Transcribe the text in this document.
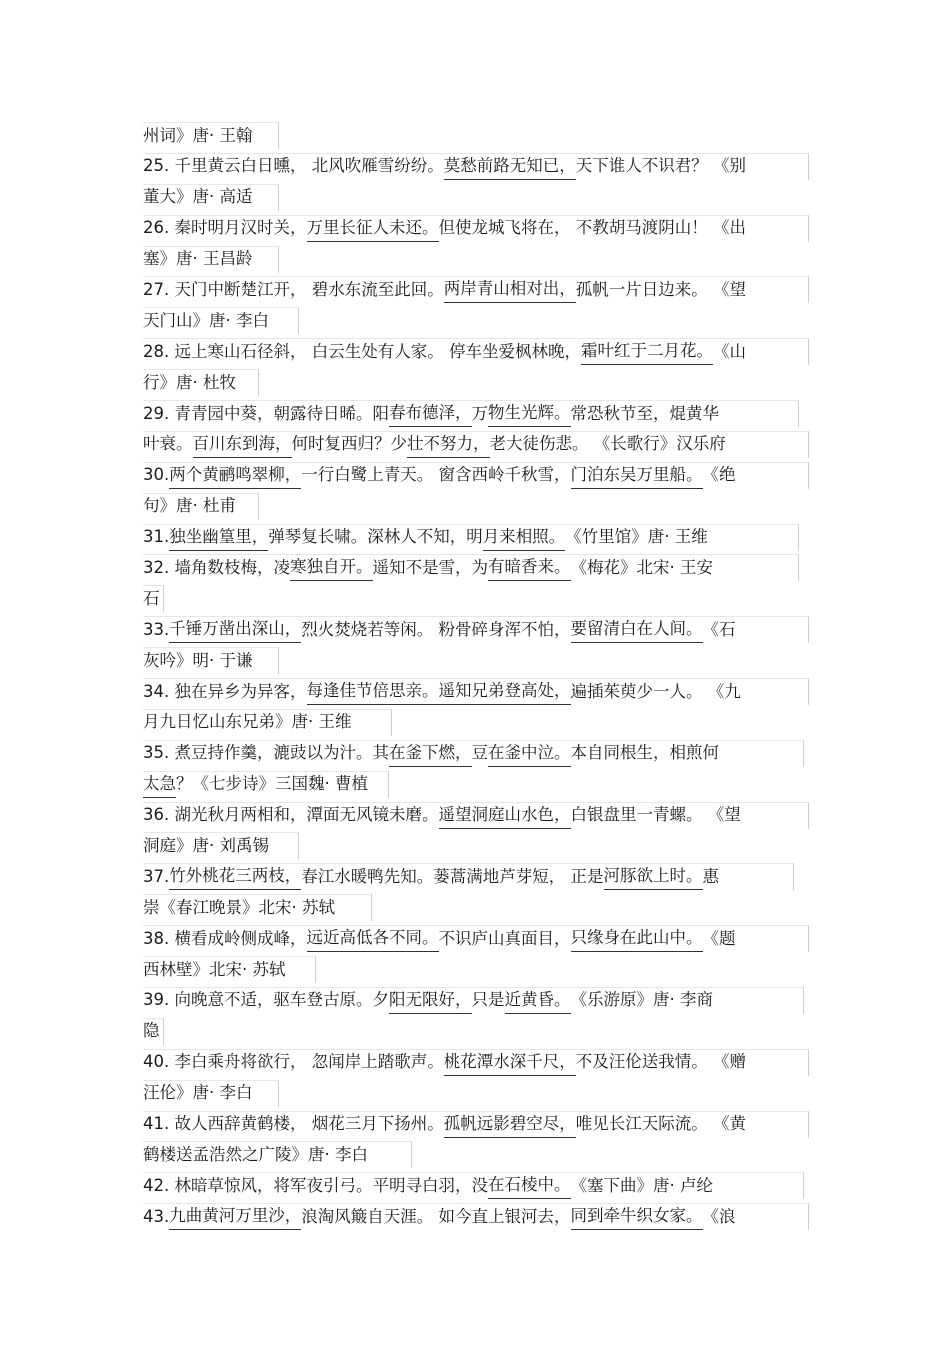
州词》唐· 王翰
25. 千里黄云白日曛， 北风吹雁雪纷纷。莫愁前路无知已，天下谁人不识君？ 《别
董大》唐· 高适
26. 秦时明月汉时关，万里长征人未还。但使龙城飞将在， 不教胡马渡阴山！ 《出
塞》唐· 王昌龄
27. 天门中断楚江开， 碧水东流至此回。两岸青山相对出，孤帆一片日边来。 《望
天门山》唐· 李白
28. 远上寒山石径斜， 白云生处有人家。 停车坐爱枫林晚，霜叶红于二月花。《山
行》唐· 杜牧
29. 青青园中葵，朝露待日晞。阳春布德泽，万物生光辉。常恐秋节至，焜黄华
叶衰。百川东到海，何时复西归？少壮不努力，老大徒伤悲。 《长歌行》汉乐府
30.两个黄鹂鸣翠柳，一行白鹭上青天。 窗含西岭千秋雪，门泊东吴万里船。《绝
句》唐· 杜甫
31.独坐幽篁里，弹琴复长啸。深林人不知，明月来相照。《竹里馆》唐· 王维
32. 墙角数枝梅，凌寒独自开。遥知不是雪，为有暗香来。《梅花》北宋· 王安
石
33.千锤万凿出深山，烈火焚烧若等闲。 粉骨碎身浑不怕，要留清白在人间。《石
灰吟》明· 于谦
34. 独在异乡为异客，每逢佳节倍思亲。遥知兄弟登高处，遍插茱萸少一人。 《九
月九日忆山东兄弟》唐· 王维
35. 煮豆持作羹，漉豉以为汁。其在釜下燃，豆在釜中泣。本自同根生，相煎何
太急？《七步诗》三国魏· 曹植
36. 湖光秋月两相和，潭面无风镜未磨。遥望洞庭山水色，白银盘里一青螺。 《望
洞庭》唐· 刘禹锡
37.竹外桃花三两枝，春江水暖鸭先知。蒌蒿满地芦芽短， 正是河豚欲上时。惠
崇《春江晚景》北宋· 苏轼
38. 横看成岭侧成峰，远近高低各不同。不识庐山真面目，只缘身在此山中。《题
西林壁》北宋· 苏轼
39. 向晚意不适，驱车登古原。夕阳无限好，只是近黄昏。《乐游原》唐· 李商
隐
40. 李白乘舟将欲行， 忽闻岸上踏歌声。桃花潭水深千尺，不及汪伦送我情。 《赠
汪伦》唐· 李白
41. 故人西辞黄鹤楼， 烟花三月下扬州。孤帆远影碧空尽，唯见长江天际流。 《黄
鹤楼送孟浩然之广陵》唐· 李白
42. 林暗草惊风，将军夜引弓。平明寻白羽，没在石棱中。《塞下曲》唐· 卢纶
43.九曲黄河万里沙，浪淘风簸自天涯。 如今直上银河去，同到牵牛织女家。《浪
